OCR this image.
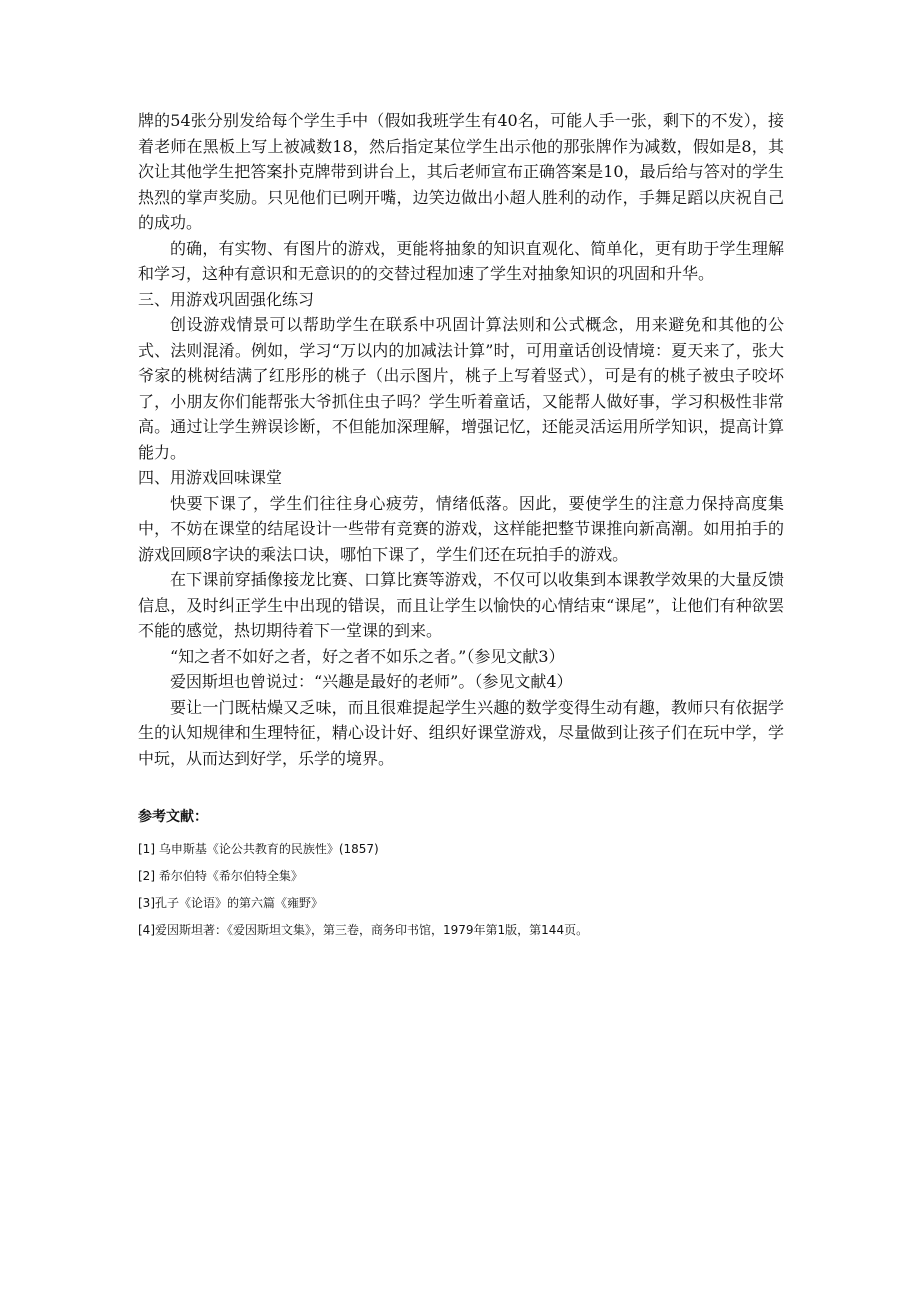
牌的54张分别发给每个学生手中（假如我班学生有40名，可能人手一张，剩下的不发），接着老师在黑板上写上被减数18，然后指定某位学生出示他的那张牌作为减数，假如是8，其次让其他学生把答案扑克牌带到讲台上，其后老师宣布正确答案是10，最后给与答对的学生热烈的掌声奖励。只见他们已咧开嘴，边笑边做出小超人胜利的动作，手舞足蹈以庆祝自己的成功。

的确，有实物、有图片的游戏，更能将抽象的知识直观化、简单化，更有助于学生理解和学习，这种有意识和无意识的的交替过程加速了学生对抽象知识的巩固和升华。

三、用游戏巩固强化练习

创设游戏情景可以帮助学生在联系中巩固计算法则和公式概念，用来避免和其他的公式、法则混淆。例如，学习“万以内的加减法计算”时，可用童话创设情境：夏天来了，张大爷家的桃树结满了红彤彤的桃子（出示图片，桃子上写着竖式），可是有的桃子被虫子咬坏了，小朋友你们能帮张大爷抓住虫子吗？学生听着童话，又能帮人做好事，学习积极性非常高。通过让学生辨误诊断，不但能加深理解，增强记忆，还能灵活运用所学知识，提高计算能力。

四、用游戏回味课堂

快要下课了，学生们往往身心疲劳，情绪低落。因此，要使学生的注意力保持高度集中，不妨在课堂的结尾设计一些带有竞赛的游戏，这样能把整节课推向新高潮。如用拍手的游戏回顾8字诀的乘法口诀，哪怕下课了，学生们还在玩拍手的游戏。

在下课前穿插像接龙比赛、口算比赛等游戏，不仅可以收集到本课教学效果的大量反馈信息，及时纠正学生中出现的错误，而且让学生以愉快的心情结束“课尾”，让他们有种欲罢不能的感觉，热切期待着下一堂课的到来。

“知之者不如好之者，好之者不如乐之者。”（参见文献3）

爱因斯坦也曾说过：“兴趣是最好的老师”。（参见文献4）

要让一门既枯燥又乏味，而且很难提起学生兴趣的数学变得生动有趣，教师只有依据学生的认知规律和生理特征，精心设计好、组织好课堂游戏，尽量做到让孩子们在玩中学，学中玩，从而达到好学，乐学的境界。

参考文献：
[1] 乌申斯基《论公共教育的民族性》(1857)
[2] 希尔伯特《希尔伯特全集》
[3]孔子《论语》的第六篇《雍野》
[4]爱因斯坦著：《爱因斯坦文集》，第三卷，商务印书馆，1979年第1版，第144页。
